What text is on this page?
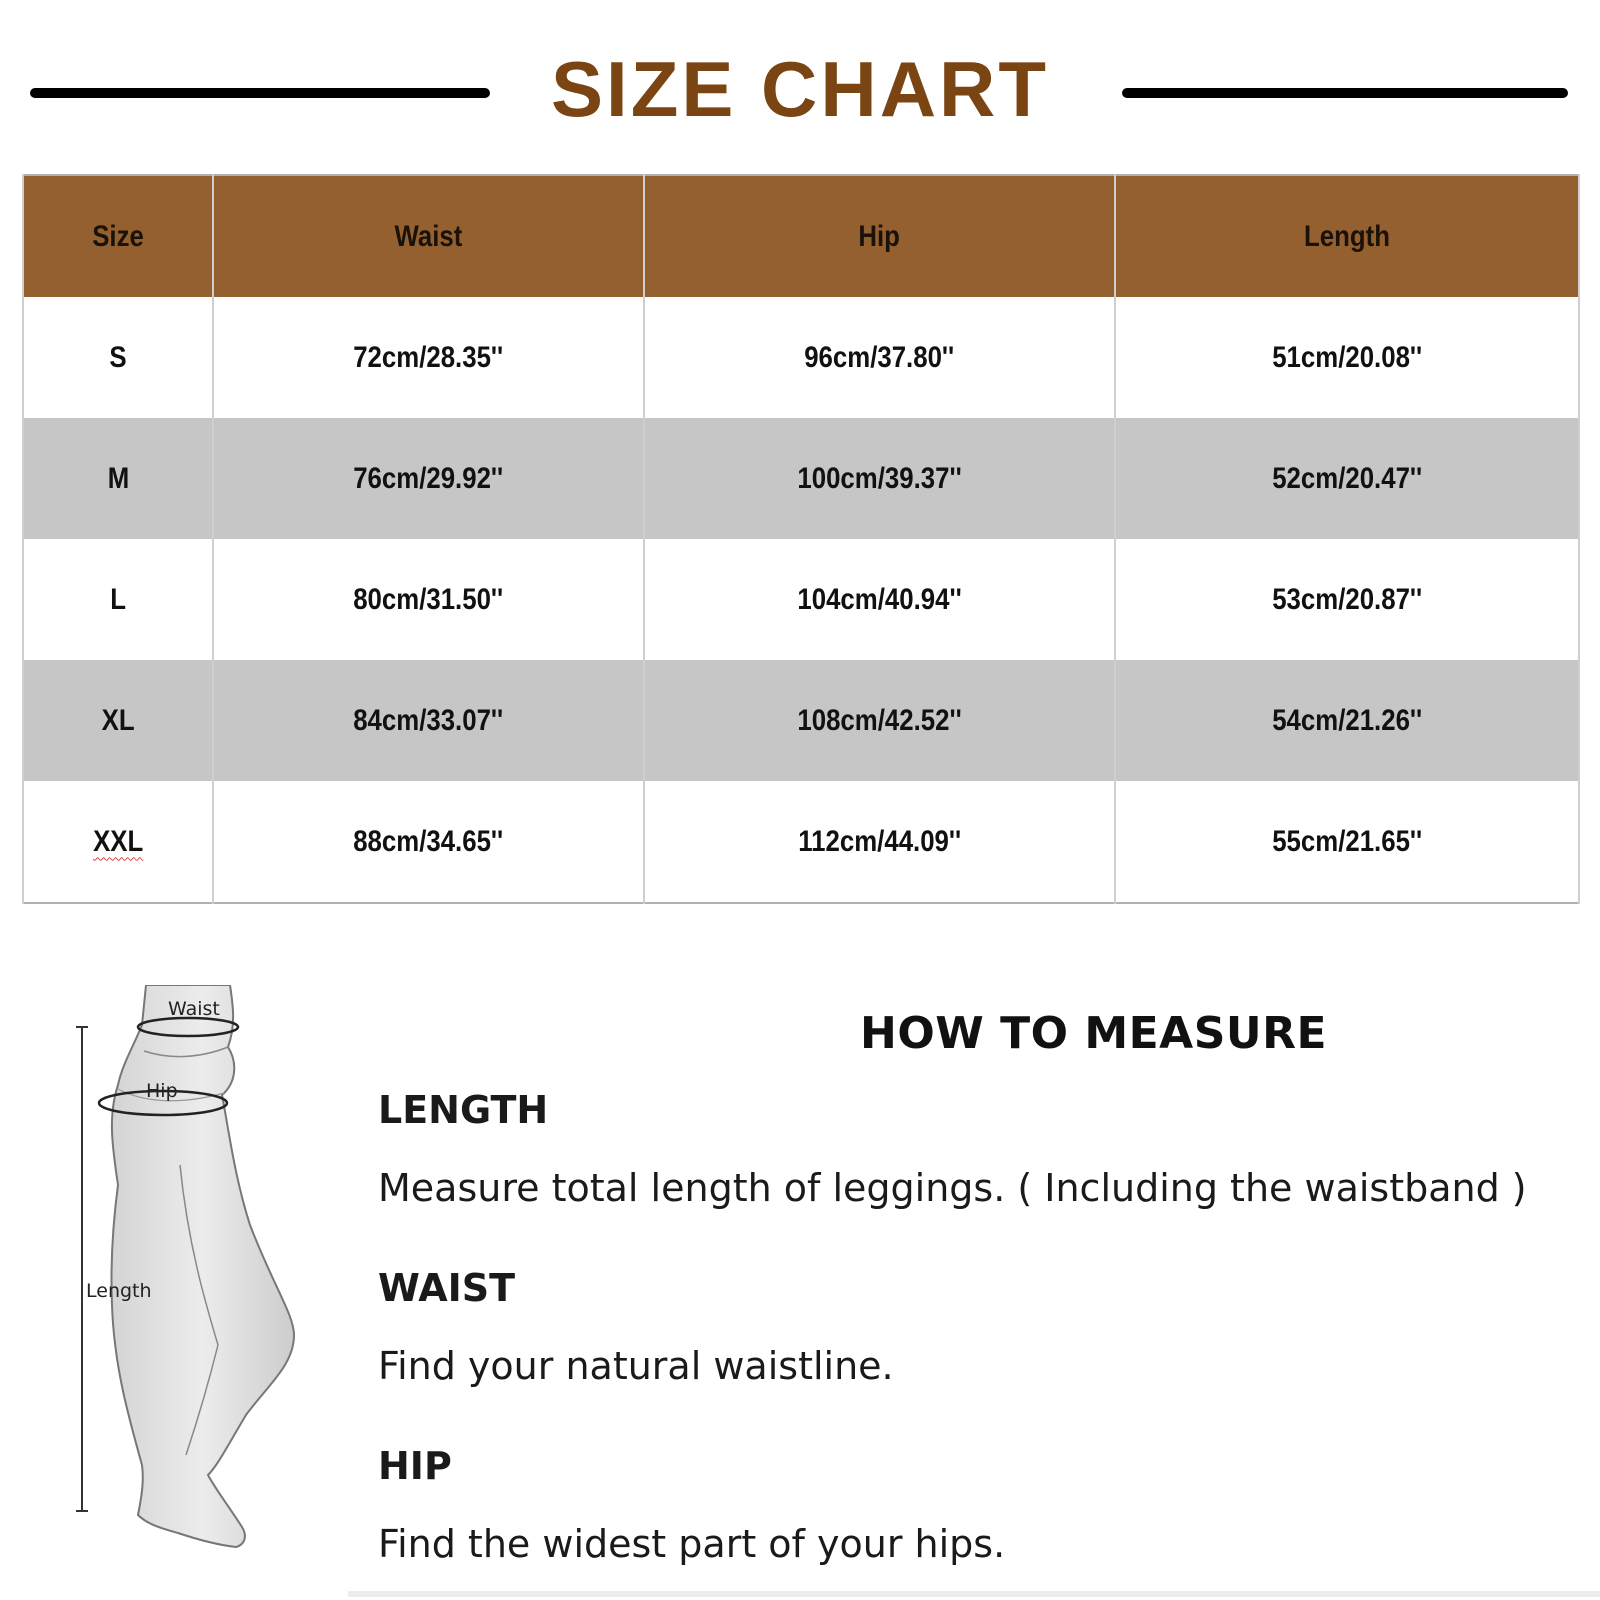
SIZE CHART
Size	Waist	Hip	Length
S	72cm/28.35''	96cm/37.80''	51cm/20.08''
M	76cm/29.92''	100cm/39.37''	52cm/20.47''
L	80cm/31.50''	104cm/40.94''	53cm/20.87''
XL	84cm/33.07''	108cm/42.52''	54cm/21.26''
XXL	88cm/34.65''	112cm/44.09''	55cm/21.65''
Waist
Hip
Length
HOW TO MEASURE
LENGTH
Measure total length of leggings. ( Including the waistband )
WAIST
Find your natural waistline.
HIP
Find the widest part of your hips.
